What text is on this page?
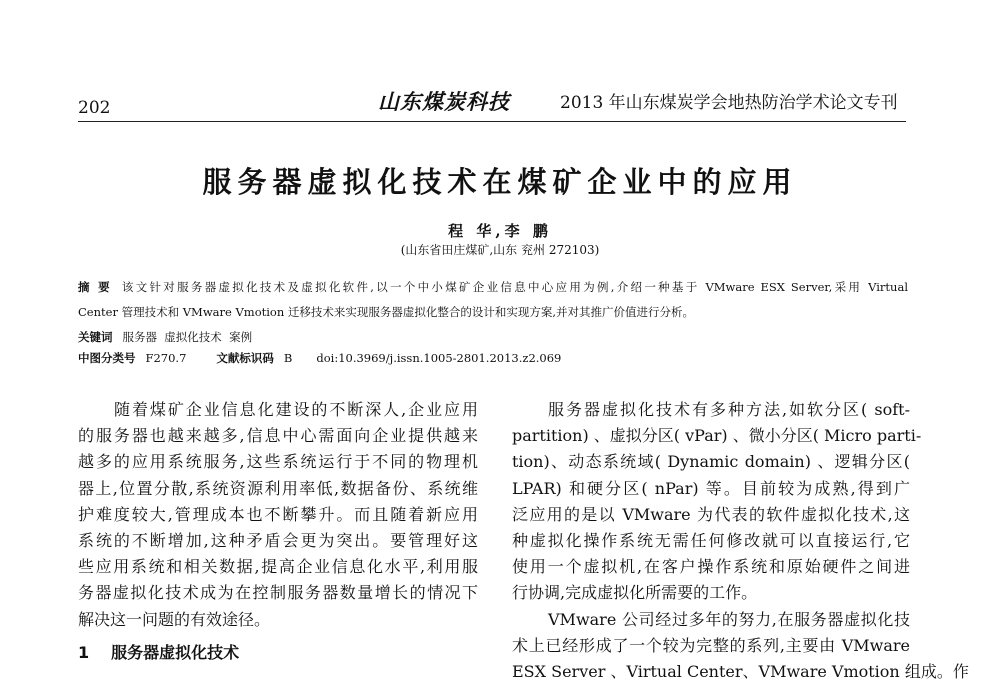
202	山东煤炭科技	2013 年山东煤炭学会地热防治学术论文专刊
服务器虚拟化技术在煤矿企业中的应用
程 华,李 鹏
(山东省田庄煤矿,山东 兖州 272103)
摘 要 该文针对服务器虚拟化技术及虚拟化软件,以一个中小煤矿企业信息中心应用为例,介绍一种基于 VMware ESX Server,采用 Virtual
Center 管理技术和 VMware Vmotion 迁移技术来实现服务器虚拟化整合的设计和实现方案,并对其推广价值进行分析。
关键词 服务器  虚拟化技术  案例
中图分类号 F270.7	文献标识码 B doi:10.3969/j.issn.1005-2801.2013.z2.069
随着煤矿企业信息化建设的不断深人,企业应用
的服务器也越来越多,信息中心需面向企业提供越来
越多的应用系统服务,这些系统运行于不同的物理机
器上,位置分散,系统资源利用率低,数据备份、系统维
护难度较大,管理成本也不断攀升。而且随着新应用
系统的不断增加,这种矛盾会更为突出。要管理好这
些应用系统和相关数据,提高企业信息化水平,利用服
务器虚拟化技术成为在控制服务器数量增长的情况下
解决这一问题的有效途径。
1 服务器虚拟化技术
服务器虚拟化技术有多种方法,如软分区( soft-
partition) 、虚拟分区( vPar) 、微小分区( Micro parti-
tion)、动态系统域( Dynamic domain) 、逻辑分区(
LPAR) 和硬分区( nPar) 等。目前较为成熟,得到广
泛应用的是以 VMware 为代表的软件虚拟化技术,这
种虚拟化操作系统无需任何修改就可以直接运行,它
使用一个虚拟机,在客户操作系统和原始硬件之间进
行协调,完成虚拟化所需要的工作。
VMware 公司经过多年的努力,在服务器虚拟化技
术上已经形成了一个较为完整的系列,主要由 VMware
ESX Server 、Virtual Center、VMware Vmotion 组成。作
